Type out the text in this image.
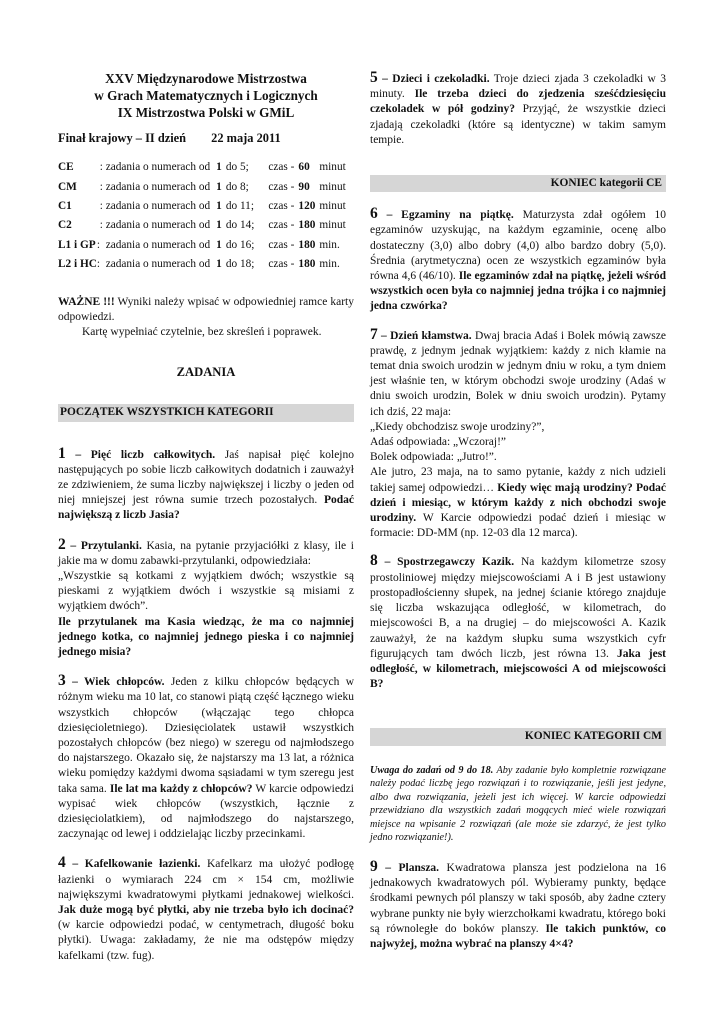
XXV Międzynarodowe Mistrzostwa
w Grach Matematycznych i Logicznych
IX Mistrzostwa Polski w GMiL
Finał krajowy – II dzień 22 maja 2011
CE	:	zadania o numerach od	1	do 5;	czas -	60	minut
CM	:	zadania o numerach od	1	do 8;	czas -	90	minut
C1	:	zadania o numerach od	1	do 11;	czas -	120	minut
C2	:	zadania o numerach od	1	do 14;	czas -	180	minut
L1 i GP	:	zadania o numerach od	1	do 16;	czas -	180	min.
L2 i HC	:	zadania o numerach od	1	do 18;	czas -	180	min.

WAŻNE !!! Wyniki należy wpisać w odpowiedniej ramce karty odpowiedzi.

Kartę wypełniać czytelnie, bez skreśleń i poprawek.

ZADANIA
POCZĄTEK WSZYSTKICH KATEGORII

1 – Pięć liczb całkowitych. Jaś napisał pięć kolejno następujących po sobie liczb całkowitych dodatnich i zauważył ze zdziwieniem, że suma liczby największej i liczby o jeden od niej mniejszej jest równa sumie trzech pozostałych. Podać największą z liczb Jasia?

2 – Przytulanki. Kasia, na pytanie przyjaciółki z klasy, ile i jakie ma w domu zabawki-przytulanki, odpowiedziała:

„Wszystkie są kotkami z wyjątkiem dwóch; wszystkie są pieskami z wyjątkiem dwóch i wszystkie są misiami z wyjątkiem dwóch”.

Ile przytulanek ma Kasia wiedząc, że ma co najmniej jednego kotka, co najmniej jednego pieska i co najmniej jednego misia?

3 – Wiek chłopców. Jeden z kilku chłopców będących w różnym wieku ma 10 lat, co stanowi piątą część łącznego wieku wszystkich chłopców (włączając tego chłopca dziesięcioletniego). Dziesięciolatek ustawił wszystkich pozostałych chłopców (bez niego) w szeregu od najmłodszego do najstarszego. Okazało się, że najstarszy ma 13 lat, a różnica wieku pomiędzy każdymi dwoma sąsiadami w tym szeregu jest taka sama. Ile lat ma każdy z chłopców? W karcie odpowiedzi wypisać wiek chłopców (wszystkich, łącznie z dziesięciolatkiem), od najmłodszego do najstarszego, zaczynając od lewej i oddzielając liczby przecinkami.

4 – Kafelkowanie łazienki. Kafelkarz ma ułożyć podłogę łazienki o wymiarach 224 cm × 154 cm, możliwie największymi kwadratowymi płytkami jednakowej wielkości. Jak duże mogą być płytki, aby nie trzeba było ich docinać? (w karcie odpowiedzi podać, w centymetrach, długość boku płytki). Uwaga: zakładamy, że nie ma odstępów między kafelkami (tzw. fug).

5 – Dzieci i czekoladki. Troje dzieci zjada 3 czekoladki w 3 minuty. Ile trzeba dzieci do zjedzenia sześćdziesięciu czekoladek w pół godziny? Przyjąć, że wszystkie dzieci zjadają czekoladki (które są identyczne) w takim samym tempie.

KONIEC kategorii CE

6 – Egzaminy na piątkę. Maturzysta zdał ogółem 10 egzaminów uzyskując, na każdym egzaminie, ocenę albo dostateczny (3,0) albo dobry (4,0) albo bardzo dobry (5,0). Średnia (arytmetyczna) ocen ze wszystkich egzaminów była równa 4,6 (46/10). Ile egzaminów zdał na piątkę, jeżeli wśród wszystkich ocen była co najmniej jedna trójka i co najmniej jedna czwórka?

7 – Dzień kłamstwa. Dwaj bracia Adaś i Bolek mówią zawsze prawdę, z jednym jednak wyjątkiem: każdy z nich kłamie na temat dnia swoich urodzin w jednym dniu w roku, a tym dniem jest właśnie ten, w którym obchodzi swoje urodziny (Adaś w dniu swoich urodzin, Bolek w dniu swoich urodzin). Pytamy ich dziś, 22 maja:

„Kiedy obchodzisz swoje urodziny?”,

Adaś odpowiada: „Wczoraj!”

Bolek odpowiada: „Jutro!”.

Ale jutro, 23 maja, na to samo pytanie, każdy z nich udzieli takiej samej odpowiedzi… Kiedy więc mają urodziny? Podać dzień i miesiąc, w którym każdy z nich obchodzi swoje urodziny. W Karcie odpowiedzi podać dzień i miesiąc w formacie: DD-MM (np. 12-03 dla 12 marca).

8 – Spostrzegawczy Kazik. Na każdym kilometrze szosy prostoliniowej między miejscowościami A i B jest ustawiony prostopadłościenny słupek, na jednej ścianie którego znajduje się liczba wskazująca odległość, w kilometrach, do miejscowości B, a na drugiej – do miejscowości A. Kazik zauważył, że na każdym słupku suma wszystkich cyfr figurujących tam dwóch liczb, jest równa 13. Jaka jest odległość, w kilometrach, miejscowości A od miejscowości B?

KONIEC KATEGORII CM

Uwaga do zadań od 9 do 18. Aby zadanie było kompletnie rozwiązane należy podać liczbę jego rozwiązań i to rozwiązanie, jeśli jest jedyne, albo dwa rozwiązania, jeżeli jest ich więcej. W karcie odpowiedzi przewidziano dla wszystkich zadań mogących mieć wiele rozwiązań miejsce na wpisanie 2 rozwiązań (ale może sie zdarzyć, że jest tylko jedno rozwiązanie!).

9 – Plansza. Kwadratowa plansza jest podzielona na 16 jednakowych kwadratowych pól. Wybieramy punkty, będące środkami pewnych pól planszy w taki sposób, aby żadne cztery wybrane punkty nie były wierzchołkami kwadratu, którego boki są równoległe do boków planszy. Ile takich punktów, co najwyżej, można wybrać na planszy 4×4?
